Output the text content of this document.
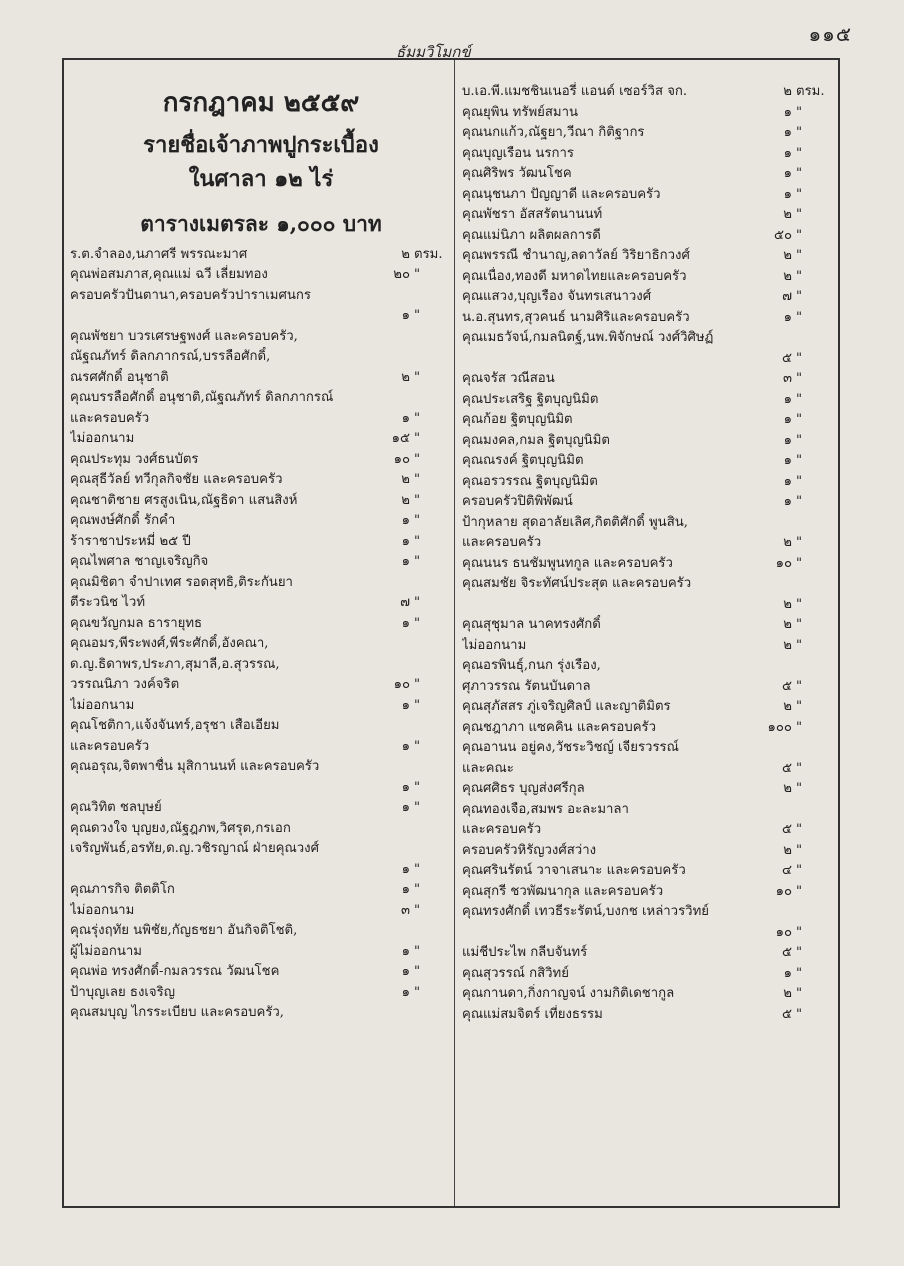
๑๑๕
ธัมมวิโมกข์
กรกฎาคม ๒๕๕๙
รายชื่อเจ้าภาพปูกระเบื้อง
ในศาลา ๑๒ ไร่
ตารางเมตรละ ๑,๐๐๐ บาท
ร.ต.จำลอง,นภาศรี พรรณะมาศ	๒ ตรม.
คุณพ่อสมภาส,คุณแม่ ฉวี เลี่ยมทอง	๒๐ "
ครอบครัวปันตานา,ครอบครัวปาราเมศนกร
๑ "
คุณพัชยา บวรเศรษฐพงศ์ และครอบครัว,
ณัฐณภัทร์ ดิลกภากรณ์,บรรลือศักดิ์,
ณรศศักดิ์ อนุชาติ	๒ "
คุณบรรลือศักดิ์ อนุชาติ,ณัฐณภัทร์ ดิลกภากรณ์
และครอบครัว	๑ "
ไม่ออกนาม	๑๕ "
คุณประทุม วงศ์ธนบัตร	๑๐ "
คุณสุธีวัลย์ ทวีกุลกิจชัย และครอบครัว	๒ "
คุณชาติชาย ศรสูงเนิน,ณัฐธิดา แสนสิงห์	๒ "
คุณพงษ์ศักดิ์ รักคำ	๑ "
ร้าราชาประหมี่ ๒๕ ปี	๑ "
คุณไพศาล ชาญเจริญกิจ	๑ "
คุณมิชิตา จำปาเทศ รอดสุทธิ,ติระกันยา
ตีระวนิช ไวท์	๗ "
คุณขวัญกมล ธารายุทธ	๑ "
คุณอมร,พีระพงศ์,พีระศักดิ์,อังคณา,
ด.ญ.ธิดาพร,ประภา,สุมาลี,อ.สุวรรณ,
วรรณนิภา วงค์จริต	๑๐ "
ไม่ออกนาม	๑ "
คุณโชติกา,แจ้งจันทร์,อรุชา เสือเอียม
และครอบครัว	๑ "
คุณอรุณ,จิตพาชื่น มุสิกานนท์ และครอบครัว
๑ "
คุณวิทิต ชลบุษย์	๑ "
คุณดวงใจ บุญยง,ณัฐฎภพ,วิศรุต,กรเอก
เจริญพันธ์,อรทัย,ด.ญ.วชิรญาณ์ ฝ่ายคุณวงศ์
๑ "
คุณภารกิจ ติตติโก	๑ "
ไม่ออกนาม	๓ "
คุณรุ่งฤทัย นพิชัย,กัญธชยา อันกิจติโชติ,
ผู้ไม่ออกนาม	๑ "
คุณพ่อ ทรงศักดิ์-กมลวรรณ วัฒนโชค	๑ "
ป้าบุญเลย ธงเจริญ	๑ "
คุณสมบุญ ไกรระเบียบ และครอบครัว,
บ.เอ.พี.แมชชินเนอรี่ แอนด์ เซอร์วิส จก.	๒ ตรม.
คุณยุพิน ทรัพย์สมาน	๑ "
คุณนกแก้ว,ณัฐยา,วีณา กิติฐากร	๑ "
คุณบุญเรือน นรการ	๑ "
คุณศิริพร วัฒนโชค	๑ "
คุณนุชนภา ปัญญาดี และครอบครัว	๑ "
คุณพัชรา อัสสรัตนานนท์	๒ "
คุณแม่นิภา ผลิตผลการดี	๕๐ "
คุณพรรณี ชำนาญ,ลดาวัลย์ วิริยาธิกวงศ์	๒ "
คุณเนื่อง,ทองดี มหาดไทยและครอบครัว	๒ "
คุณแสวง,บุญเรือง จันทรเสนาวงศ์	๗ "
น.อ.สุนทร,สุวคนธ์ นามศิริและครอบครัว	๑ "
คุณเมธวัจน์,กมลนิตฐ์,นพ.พิจักษณ์ วงศ์วิศิษฏ์
๕ "
คุณจรัส วณีสอน	๓ "
คุณประเสริฐ ฐิตบุญนิมิต	๑ "
คุณก้อย ฐิตบุญนิมิต	๑ "
คุณมงคล,กมล ฐิตบุญนิมิต	๑ "
คุณณรงค์ ฐิตบุญนิมิต	๑ "
คุณอรวรรณ ฐิตบุญนิมิต	๑ "
ครอบครัวปิติพิพัฒน์	๑ "
ป้ากุหลาย สุดอาลัยเลิศ,กิตติศักดิ์ พูนสิน,
และครอบครัว	๒ "
คุณนนร ธนชัมพูนทกูล และครอบครัว	๑๐ "
คุณสมชัย จิระทัศน์ประสุต และครอบครัว
๒ "
คุณสุชุมาล นาคทรงศักดิ์	๒ "
ไม่ออกนาม	๒ "
คุณอรพินธุ์,กนก รุ่งเรือง,
ศุภาวรรณ รัตนบันดาล	๕ "
คุณสุภัสสร ภู่เจริญศิลป์ และญาติมิตร	๒ "
คุณชฎาภา แซคคิน และครอบครัว	๑๐๐ "
คุณอานน อยู่คง,วัชระวิชญ์ เจียรวรรณ์
และคณะ	๕ "
คุณศศิธร บุญส่งศรีกุล	๒ "
คุณทองเจือ,สมพร อะละมาลา
และครอบครัว	๕ "
ครอบครัวหิรัญวงศ์สว่าง	๒ "
คุณศรินรัตน์ วาจาเสนาะ และครอบครัว	๔ "
คุณสุกรี ชวพัฒนากุล และครอบครัว	๑๐ "
คุณทรงศักดิ์ เทวธีระรัตน์,บงกช เหล่าวรวิทย์
๑๐ "
แม่ชีประไพ กลีบจันทร์	๕ "
คุณสุวรรณ์ กสิวิทย์	๑ "
คุณกานดา,กิ่งกาญจน์ งามกิติเดชากูล	๒ "
คุณแม่สมจิตร์ เที่ยงธรรม	๕ "
